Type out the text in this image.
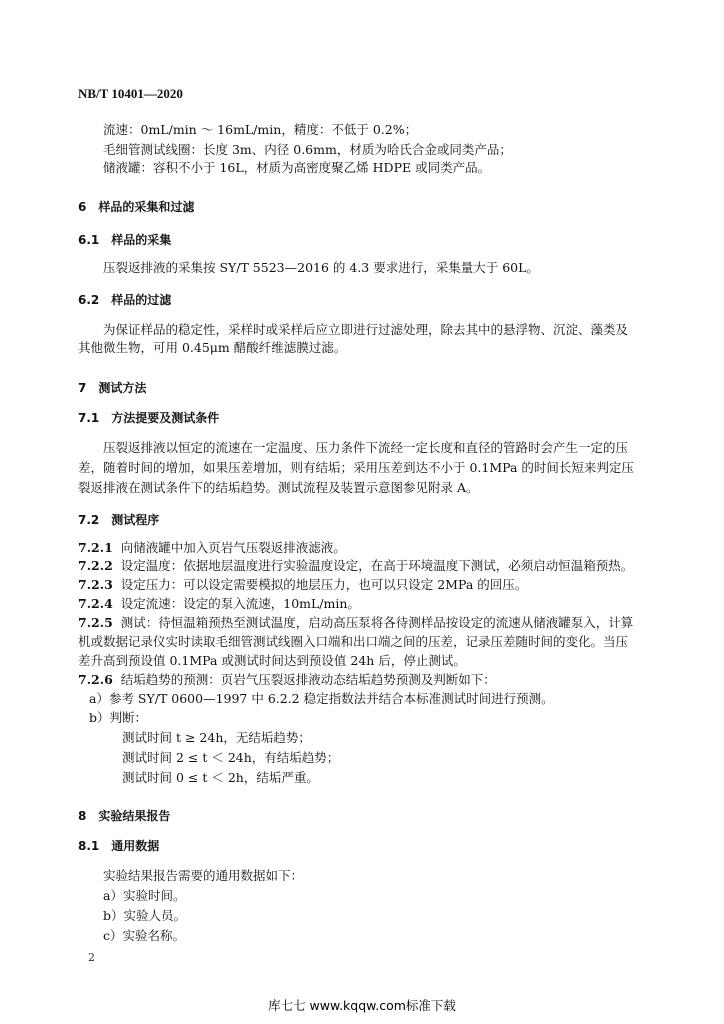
NB/T 10401—2020
流速：0mL/min ～ 16mL/min，精度：不低于 0.2%；
毛细管测试线圈：长度 3m、内径 0.6mm，材质为哈氏合金或同类产品；
储液罐：容积不小于 16L，材质为高密度聚乙烯 HDPE 或同类产品。
6　样品的采集和过滤
6.1　样品的采集
压裂返排液的采集按 SY/T 5523—2016 的 4.3 要求进行，采集量大于 60L。
6.2　样品的过滤
为保证样品的稳定性，采样时或采样后应立即进行过滤处理，除去其中的悬浮物、沉淀、藻类及
其他微生物，可用 0.45μm 醋酸纤维滤膜过滤。
7　测试方法
7.1　方法提要及测试条件
压裂返排液以恒定的流速在一定温度、压力条件下流经一定长度和直径的管路时会产生一定的压
差，随着时间的增加，如果压差增加，则有结垢；采用压差到达不小于 0.1MPa 的时间长短来判定压
裂返排液在测试条件下的结垢趋势。测试流程及装置示意图参见附录 A。
7.2　测试程序
7.2.1 向储液罐中加入页岩气压裂返排液滤液。
7.2.2 设定温度：依据地层温度进行实验温度设定，在高于环境温度下测试，必须启动恒温箱预热。
7.2.3 设定压力：可以设定需要模拟的地层压力，也可以只设定 2MPa 的回压。
7.2.4 设定流速：设定的泵入流速，10mL/min。
7.2.5 测试：待恒温箱预热至测试温度，启动高压泵将各待测样品按设定的流速从储液罐泵入，计算
机或数据记录仪实时读取毛细管测试线圈入口端和出口端之间的压差，记录压差随时间的变化。当压
差升高到预设值 0.1MPa 或测试时间达到预设值 24h 后，停止测试。
7.2.6 结垢趋势的预测：页岩气压裂返排液动态结垢趋势预测及判断如下：
a）参考 SY/T 0600—1997 中 6.2.2 稳定指数法并结合本标准测试时间进行预测。
b）判断：
测试时间 t ≥ 24h，无结垢趋势；
测试时间 2 ≤ t ＜ 24h，有结垢趋势；
测试时间 0 ≤ t ＜ 2h，结垢严重。
8　实验结果报告
8.1　通用数据
实验结果报告需要的通用数据如下：
a）实验时间。
b）实验人员。
c）实验名称。
2
库七七 www.kqqw.com标准下载
